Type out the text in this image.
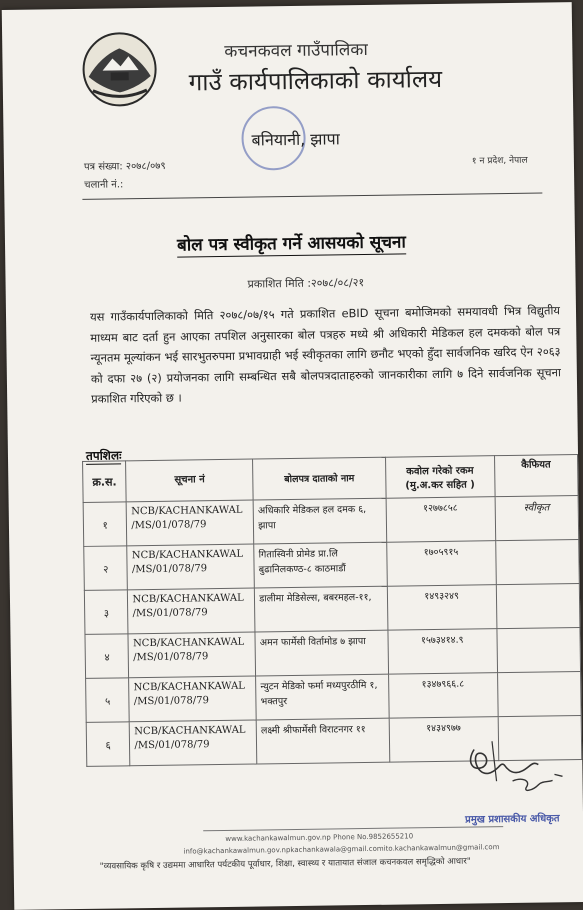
कचनकवल गाउँपालिका
गाउँ कार्यपालिकाको कार्यालय
बनियानी, झापा
पत्र संख्या: २०७८/०७९
चलानी नं.:
१ न प्रदेश, नेपाल
बोल पत्र स्वीकृत गर्ने आसयको सूचना
प्रकाशित मिति :२०७८/०८/२१
यस गाउँकार्यपालिकाको मिति २०७८/०७/१५ गते प्रकाशित eBID सूचना बमोजिमको समयावधी भित्र विद्युतीय माध्यम बाट दर्ता हुन आएका तपशिल अनुसारका बोल पत्रहरु मध्ये श्री अधिकारी मेडिकल हल दमकको बोल पत्र न्यूनतम मूल्यांकन भई सारभुतरुपमा प्रभावग्राही भई स्वीकृतका लागि छनौट भएको हुँदा सार्वजनिक खरिद ऐन २०६३ को दफा २७ (२) प्रयोजनका लागि सम्बन्धित सबै बोलपत्रदाताहरुको जानकारीका लागि ७ दिने सार्वजनिक सूचना प्रकाशित गरिएको छ ।
तपशिलः
क्र.स.	सूचना नं	बोलपत्र दाताको नाम	कवोल गरेको रकम (मु.अ.कर सहित )	कैफियत
१	NCB/KACHANKAWAL /MS/01/078/79	अधिकारि मेडिकल हल दमक ६, झापा	१२७७८५८	स्वीकृत
२	NCB/KACHANKAWAL /MS/01/078/79	गितास्विनी प्रोमेड प्रा.लि बुढानिलकण्ठ-८ काठमाडौं	१७०५९१५	
३	NCB/KACHANKAWAL /MS/01/078/79	डालीमा मेडिसेल्स, बबरमहल-११,	१४९३२४९	
४	NCB/KACHANKAWAL /MS/01/078/79	अमन फार्मेसी विर्तामोड ७ झापा	१५७३४१४.९	
५	NCB/KACHANKAWAL /MS/01/078/79	न्युटन मेडिको फर्मा मध्यपुरठीमि १, भक्तपुर	१३४७९६६.८	
६	NCB/KACHANKAWAL /MS/01/078/79	लक्ष्मी श्रीफार्मेसी विराटनगर ११	१४३४९७७	
प्रमुख प्रशासकीय अधिकृत
www.kachankawalmun.gov.np Phone No.9852655210
info@kachankawalmun.gov.npkachankawala@gmail.comito.kachankawalmun@gmail.com
"व्यवसायिक कृषि र उद्यममा आधारित पर्यटकीय पूर्वाधार, शिक्षा, स्वास्थ्य र यातायात संजाल कचनकवल समृद्धिको आधार"
